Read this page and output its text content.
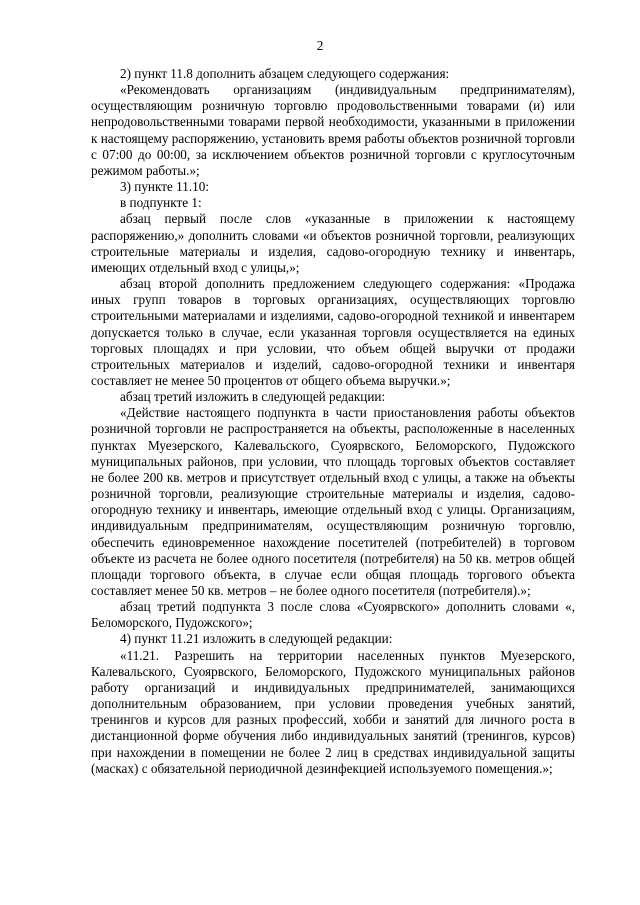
2

2) пункт 11.8 дополнить абзацем следующего содержания:

«Рекомендовать организациям (индивидуальным предпринимателям), осуществляющим розничную торговлю продовольственными товарами (и) или непродовольственными товарами первой необходимости, указанными в приложении к настоящему распоряжению, установить время работы объектов розничной торговли с 07:00 до 00:00, за исключением объектов розничной торговли с круглосуточным режимом работы.»;

3) пункте 11.10:

в подпункте 1:

абзац первый после слов «указанные в приложении к настоящему распоряжению,» дополнить словами «и объектов розничной торговли, реализующих строительные материалы и изделия, садово-огородную технику и инвентарь, имеющих отдельный вход с улицы,»;

абзац второй дополнить предложением следующего содержания: «Продажа иных групп товаров в торговых организациях, осуществляющих торговлю строительными материалами и изделиями, садово-огородной техникой и инвентарем допускается только в случае, если указанная торговля осуществляется на единых торговых площадях и при условии, что объем общей выручки от продажи строительных материалов и изделий, садово-огородной техники и инвентаря составляет не менее 50 процентов от общего объема выручки.»;

абзац третий изложить в следующей редакции:

«Действие настоящего подпункта в части приостановления работы объектов розничной торговли не распространяется на объекты, расположенные в населенных пунктах Муезерского, Калевальского, Суоярвского, Беломорского, Пудожского муниципальных районов, при условии, что площадь торговых объектов составляет не более 200 кв. метров и присутствует отдельный вход с улицы, а также на объекты розничной торговли, реализующие строительные материалы и изделия, садово-огородную технику и инвентарь, имеющие отдельный вход с улицы. Организациям, индивидуальным предпринимателям, осуществляющим розничную торговлю, обеспечить единовременное нахождение посетителей (потребителей) в торговом объекте из расчета не более одного посетителя (потребителя) на 50 кв. метров общей площади торгового объекта, в случае если общая площадь торгового объекта составляет менее 50 кв. метров – не более одного посетителя (потребителя).»;

абзац третий подпункта 3 после слова «Суоярвского» дополнить словами «, Беломорского, Пудожского»;

4) пункт 11.21 изложить в следующей редакции:

«11.21. Разрешить на территории населенных пунктов Муезерского, Калевальского, Суоярвского, Беломорского, Пудожского муниципальных районов работу организаций и индивидуальных предпринимателей, занимающихся дополнительным образованием, при условии проведения учебных занятий, тренингов и курсов для разных профессий, хобби и занятий для личного роста в дистанционной форме обучения либо индивидуальных занятий (тренингов, курсов) при нахождении в помещении не более 2 лиц в средствах индивидуальной защиты (масках) с обязательной периодичной дезинфекцией используемого помещения.»;
